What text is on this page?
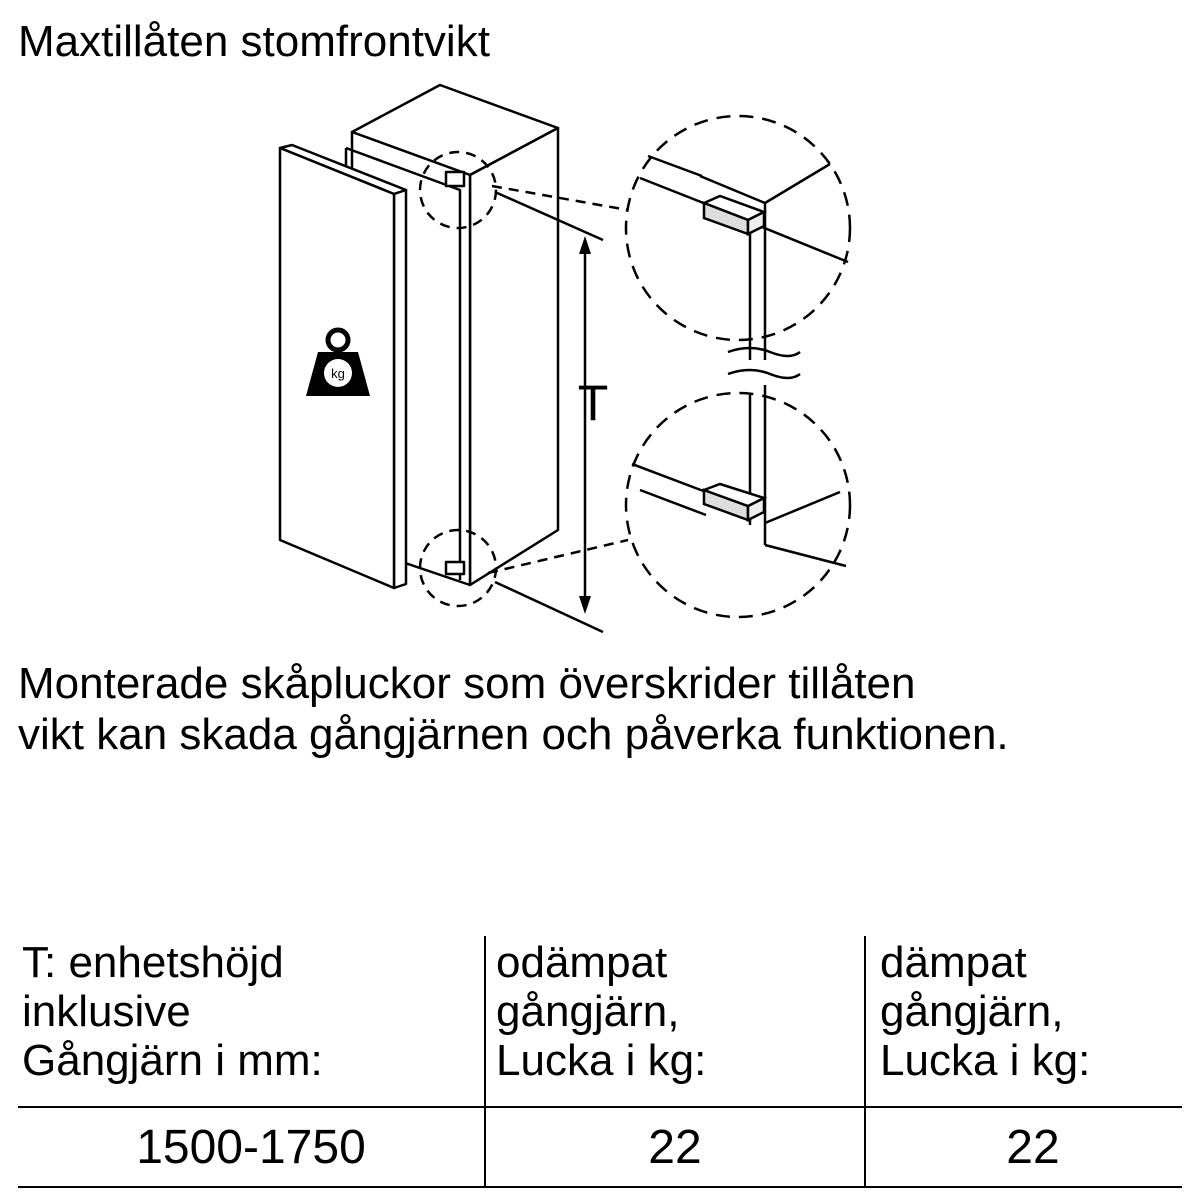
Maxtillåten stomfrontvikt
kg
T
Monterade skåpluckor som överskrider tillåten
vikt kan skada gångjärnen och påverka funktionen.
T: enhetshöjd
inklusive
Gångjärn i mm:
odämpat
gångjärn,
Lucka i kg:
dämpat
gångjärn,
Lucka i kg:
1500-1750	22	22
